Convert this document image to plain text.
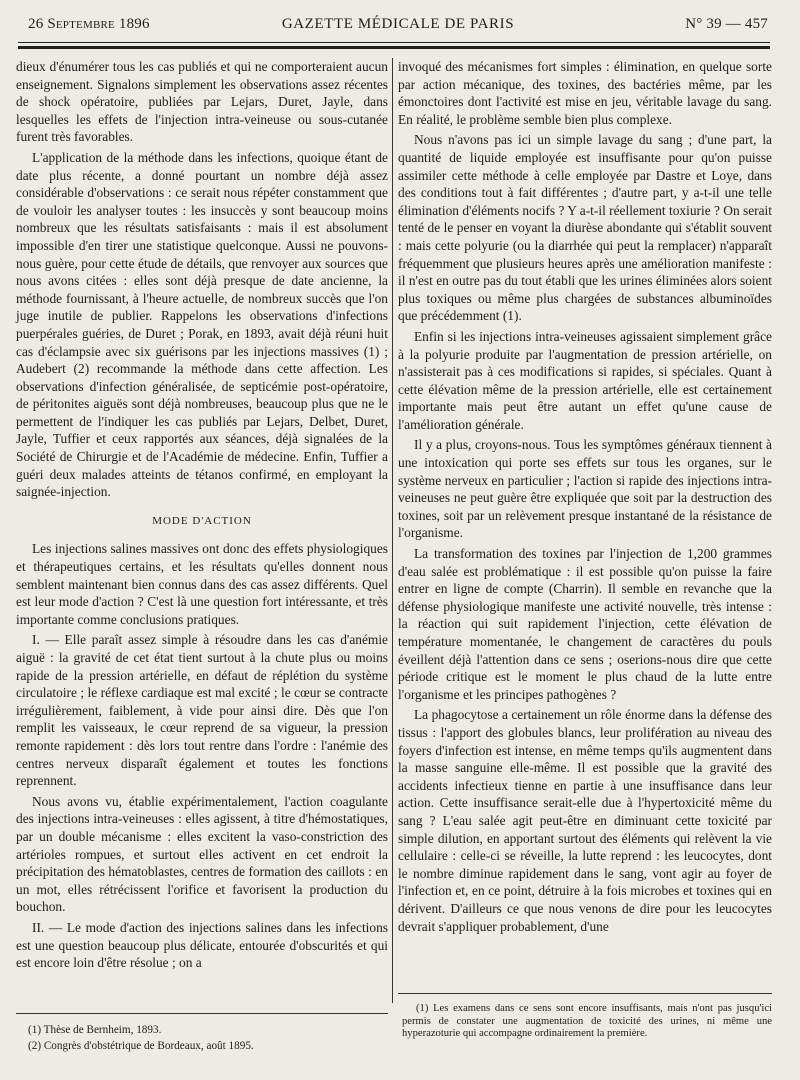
26 Septembre 1896	GAZETTE MÉDICALE DE PARIS	N° 39 — 457

dieux d'énumérer tous les cas publiés et qui ne comporteraient aucun enseignement. Signalons simplement les observations assez récentes de shock opératoire, publiées par Lejars, Duret, Jayle, dans lesquelles les effets de l'injection intra-veineuse ou sous-cutanée furent très favorables.

L'application de la méthode dans les infections, quoique étant de date plus récente, a donné pourtant un nombre déjà assez considérable d'observations : ce serait nous répéter constamment que de vouloir les analyser toutes : les insuccès y sont beaucoup moins nombreux que les résultats satisfaisants : mais il est absolument impossible d'en tirer une statistique quelconque. Aussi ne pouvons-nous guère, pour cette étude de détails, que renvoyer aux sources que nous avons citées : elles sont déjà presque de date ancienne, la méthode fournissant, à l'heure actuelle, de nombreux succès que l'on juge inutile de publier. Rappelons les observations d'infections puerpérales guéries, de Duret ; Porak, en 1893, avait déjà réuni huit cas d'éclampsie avec six guérisons par les injections massives (1) ; Audebert (2) recommande la méthode dans cette affection. Les observations d'infection généralisée, de septicémie post-opératoire, de péritonites aiguës sont déjà nombreuses, beaucoup plus que ne le permettent de l'indiquer les cas publiés par Lejars, Delbet, Duret, Jayle, Tuffier et ceux rapportés aux séances, déjà signalées de la Société de Chirurgie et de l'Académie de médecine. Enfin, Tuffier a guéri deux malades atteints de tétanos confirmé, en employant la saignée-injection.

MODE D'ACTION

Les injections salines massives ont donc des effets physiologiques et thérapeutiques certains, et les résultats qu'elles donnent nous semblent maintenant bien connus dans des cas assez différents. Quel est leur mode d'action ? C'est là une question fort intéressante, et très importante comme conclusions pratiques.

I. — Elle paraît assez simple à résoudre dans les cas d'anémie aiguë : la gravité de cet état tient surtout à la chute plus ou moins rapide de la pression artérielle, en défaut de réplétion du système circulatoire ; le réflexe cardiaque est mal excité ; le cœur se contracte irrégulièrement, faiblement, à vide pour ainsi dire. Dès que l'on remplit les vaisseaux, le cœur reprend de sa vigueur, la pression remonte rapidement : dès lors tout rentre dans l'ordre : l'anémie des centres nerveux disparaît également et toutes les fonctions reprennent.

Nous avons vu, établie expérimentalement, l'action coagulante des injections intra-veineuses : elles agissent, à titre d'hémostatiques, par un double mécanisme : elles excitent la vaso-constriction des artérioles rompues, et surtout elles activent en cet endroit la précipitation des hématoblastes, centres de formation des caillots : en un mot, elles rétrécissent l'orifice et favorisent la production du bouchon.

II. — Le mode d'action des injections salines dans les infections est une question beaucoup plus délicate, entourée d'obscurités et qui est encore loin d'être résolue ; on a

invoqué des mécanismes fort simples : élimination, en quelque sorte par action mécanique, des toxines, des bactéries même, par les émonctoires dont l'activité est mise en jeu, véritable lavage du sang. En réalité, le problème semble bien plus complexe.

Nous n'avons pas ici un simple lavage du sang ; d'une part, la quantité de liquide employée est insuffisante pour qu'on puisse assimiler cette méthode à celle employée par Dastre et Loye, dans des conditions tout à fait différentes ; d'autre part, y a-t-il une telle élimination d'éléments nocifs ? Y a-t-il réellement toxiurie ? On serait tenté de le penser en voyant la diurèse abondante qui s'établit souvent : mais cette polyurie (ou la diarrhée qui peut la remplacer) n'apparaît fréquemment que plusieurs heures après une amélioration manifeste : il n'est en outre pas du tout établi que les urines éliminées alors soient plus toxiques ou même plus chargées de substances albuminoïdes que précédemment (1).

Enfin si les injections intra-veineuses agissaient simplement grâce à la polyurie produite par l'augmentation de pression artérielle, on n'assisterait pas à ces modifications si rapides, si spéciales. Quant à cette élévation même de la pression artérielle, elle est certainement importante mais peut être autant un effet qu'une cause de l'amélioration générale.

Il y a plus, croyons-nous. Tous les symptômes généraux tiennent à une intoxication qui porte ses effets sur tous les organes, sur le système nerveux en particulier ; l'action si rapide des injections intra-veineuses ne peut guère être expliquée que soit par la destruction des toxines, soit par un relèvement presque instantané de la résistance de l'organisme.

La transformation des toxines par l'injection de 1,200 grammes d'eau salée est problématique : il est possible qu'on puisse la faire entrer en ligne de compte (Charrin). Il semble en revanche que la défense physiologique manifeste une activité nouvelle, très intense : la réaction qui suit rapidement l'injection, cette élévation de température momentanée, le changement de caractères du pouls éveillent déjà l'attention dans ce sens ; oserions-nous dire que cette période critique est le moment le plus chaud de la lutte entre l'organisme et les principes pathogènes ?

La phagocytose a certainement un rôle énorme dans la défense des tissus : l'apport des globules blancs, leur prolifération au niveau des foyers d'infection est intense, en même temps qu'ils augmentent dans la masse sanguine elle-même. Il est possible que la gravité des accidents infectieux tienne en partie à une insuffisance dans leur action. Cette insuffisance serait-elle due à l'hypertoxicité même du sang ? L'eau salée agit peut-être en diminuant cette toxicité par simple dilution, en apportant surtout des éléments qui relèvent la vie cellulaire : celle-ci se réveille, la lutte reprend : les leucocytes, dont le nombre diminue rapidement dans le sang, vont agir au foyer de l'infection et, en ce point, détruire à la fois microbes et toxines qui en dérivent. D'ailleurs ce que nous venons de dire pour les leucocytes devrait s'appliquer probablement, d'une

(1) Thèse de Bernheim, 1893.
(2) Congrès d'obstétrique de Bordeaux, août 1895.
(1) Les examens dans ce sens sont encore insuffisants, mais n'ont pas jusqu'ici permis de constater une augmentation de toxicité des urines, ni même une hyperazoturie qui accompagne ordinairement la première.
